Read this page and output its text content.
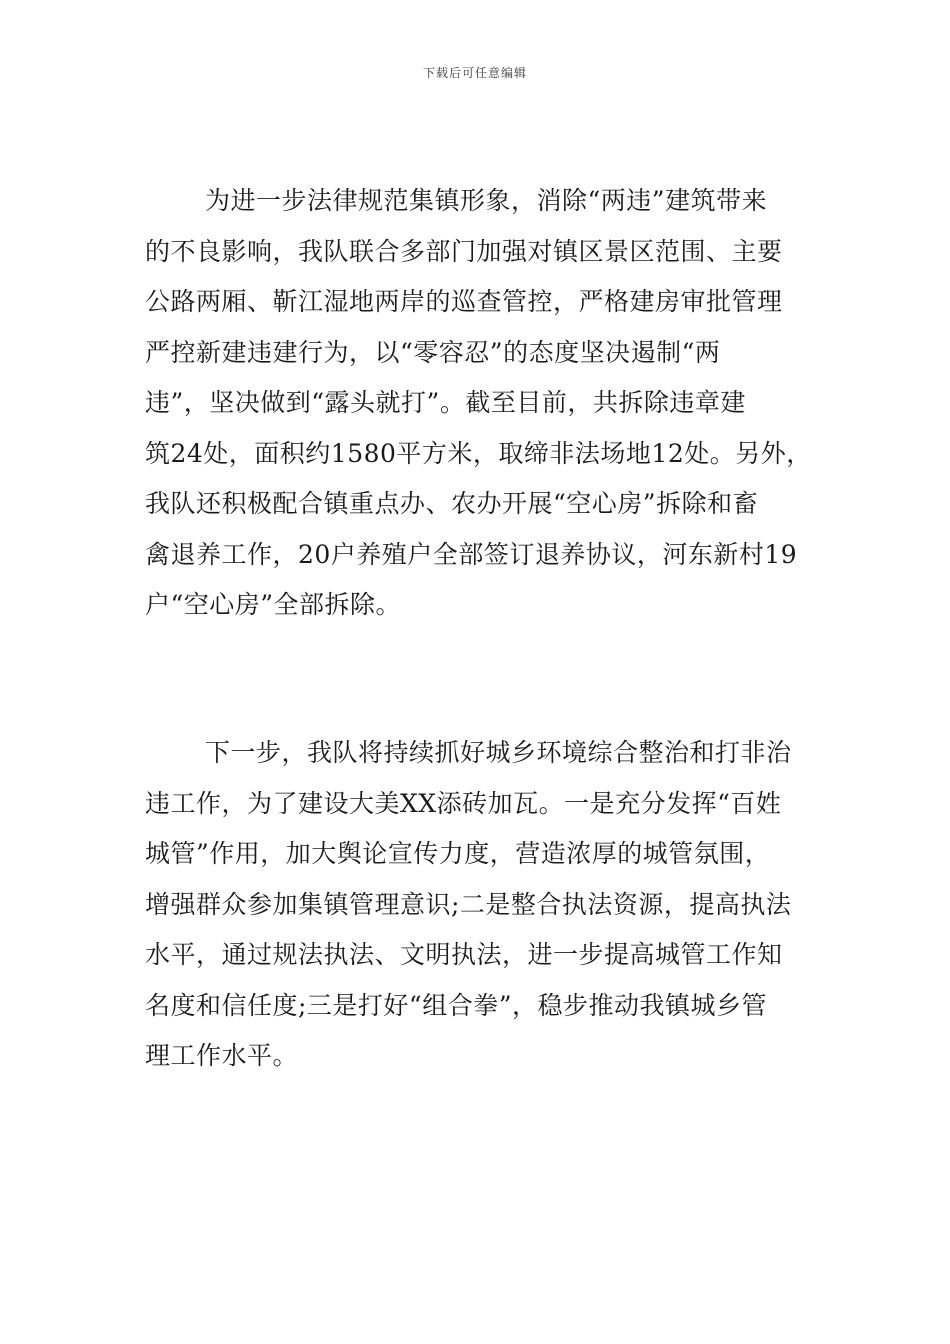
下载后可任意编辑
为进一步法律规范集镇形象，消除“两违”建筑带来
的不良影响，我队联合多部门加强对镇区景区范围、主要
公路两厢、靳江湿地两岸的巡查管控，严格建房审批管理
严控新建违建行为，以“零容忍”的态度坚决遏制“两
违”，坚决做到“露头就打”。截至目前，共拆除违章建
筑24处，面积约1580平方米，取缔非法场地12处。另外，
我队还积极配合镇重点办、农办开展“空心房”拆除和畜
禽退养工作，20户养殖户全部签订退养协议，河东新村19
户“空心房”全部拆除。
下一步，我队将持续抓好城乡环境综合整治和打非治
违工作，为了建设大美XX添砖加瓦。一是充分发挥“百姓
城管”作用，加大舆论宣传力度，营造浓厚的城管氛围，
增强群众参加集镇管理意识;二是整合执法资源，提高执法
水平，通过规法执法、文明执法，进一步提高城管工作知
名度和信任度;三是打好“组合拳”，稳步推动我镇城乡管
理工作水平。
